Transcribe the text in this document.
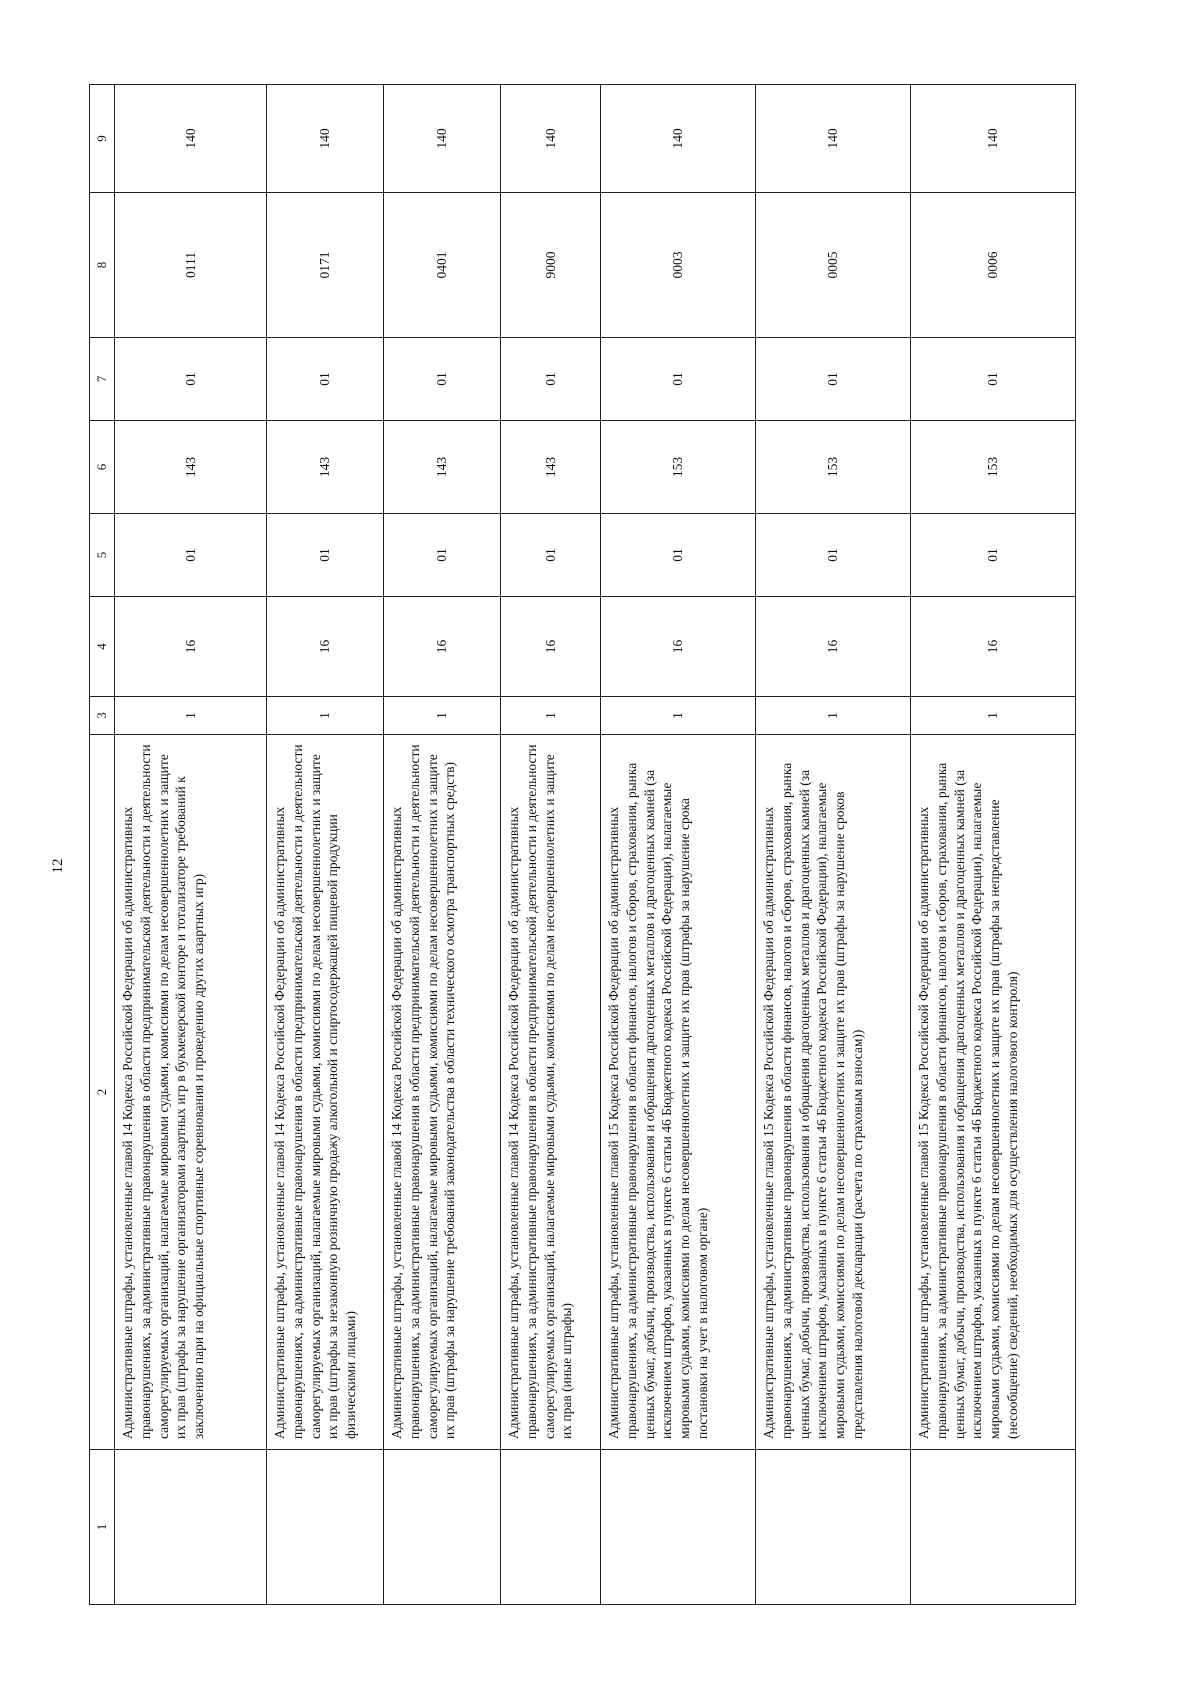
12
1	2	3	4	5	6	7	8	9
	Административные штрафы, установленные главой 14 Кодекса Российской Федерации об административных правонарушениях, за административные правонарушения в области предпринимательской деятельности и деятельности саморегулируемых организаций, налагаемые мировыми судьями, комиссиями по делам несовершеннолетних и защите их прав (штрафы за нарушение организаторами азартных игр в букмекерской конторе и тотализаторе требований к заключению пари на официальные спортивные соревнования и проведению других азартных игр)	1	16	01	143	01	0111	140
	Административные штрафы, установленные главой 14 Кодекса Российской Федерации об административных правонарушениях, за административные правонарушения в области предпринимательской деятельности и деятельности саморегулируемых организаций, налагаемые мировыми судьями, комиссиями по делам несовершеннолетних и защите их прав (штрафы за незаконную розничную продажу алкогольной и спиртосодержащей пищевой продукции физическими лицами)	1	16	01	143	01	0171	140
	Административные штрафы, установленные главой 14 Кодекса Российской Федерации об административных правонарушениях, за административные правонарушения в области предпринимательской деятельности и деятельности саморегулируемых организаций, налагаемые мировыми судьями, комиссиями по делам несовершеннолетних и защите их прав (штрафы за нарушение требований законодательства в области технического осмотра транспортных средств)	1	16	01	143	01	0401	140
	Административные штрафы, установленные главой 14 Кодекса Российской Федерации об административных правонарушениях, за административные правонарушения в области предпринимательской деятельности и деятельности саморегулируемых организаций, налагаемые мировыми судьями, комиссиями по делам несовершеннолетних и защите их прав (иные штрафы)	1	16	01	143	01	9000	140
	Административные штрафы, установленные главой 15 Кодекса Российской Федерации об административных правонарушениях, за административные правонарушения в области финансов, налогов и сборов, страхования, рынка ценных бумаг, добычи, производства, использования и обращения драгоценных металлов и драгоценных камней (за исключением штрафов, указанных в пункте 6 статьи 46 Бюджетного кодекса Российской Федерации), налагаемые мировыми судьями, комиссиями по делам несовершеннолетних и защите их прав (штрафы за нарушение срока постановки на учет в налоговом органе)	1	16	01	153	01	0003	140
	Административные штрафы, установленные главой 15 Кодекса Российской Федерации об административных правонарушениях, за административные правонарушения в области финансов, налогов и сборов, страхования, рынка ценных бумаг, добычи, производства, использования и обращения драгоценных металлов и драгоценных камней (за исключением штрафов, указанных в пункте 6 статьи 46 Бюджетного кодекса Российской Федерации), налагаемые мировыми судьями, комиссиями по делам несовершеннолетних и защите их прав (штрафы за нарушение сроков представления налоговой декларации (расчета по страховым взносам))	1	16	01	153	01	0005	140
	Административные штрафы, установленные главой 15 Кодекса Российской Федерации об административных правонарушениях, за административные правонарушения в области финансов, налогов и сборов, страхования, рынка ценных бумаг, добычи, производства, использования и обращения драгоценных металлов и драгоценных камней (за исключением штрафов, указанных в пункте 6 статьи 46 Бюджетного кодекса Российской Федерации), налагаемые мировыми судьями, комиссиями по делам несовершеннолетних и защите их прав (штрафы за непредставление (несообщение) сведений, необходимых для осуществления налогового контроля)	1	16	01	153	01	0006	140
